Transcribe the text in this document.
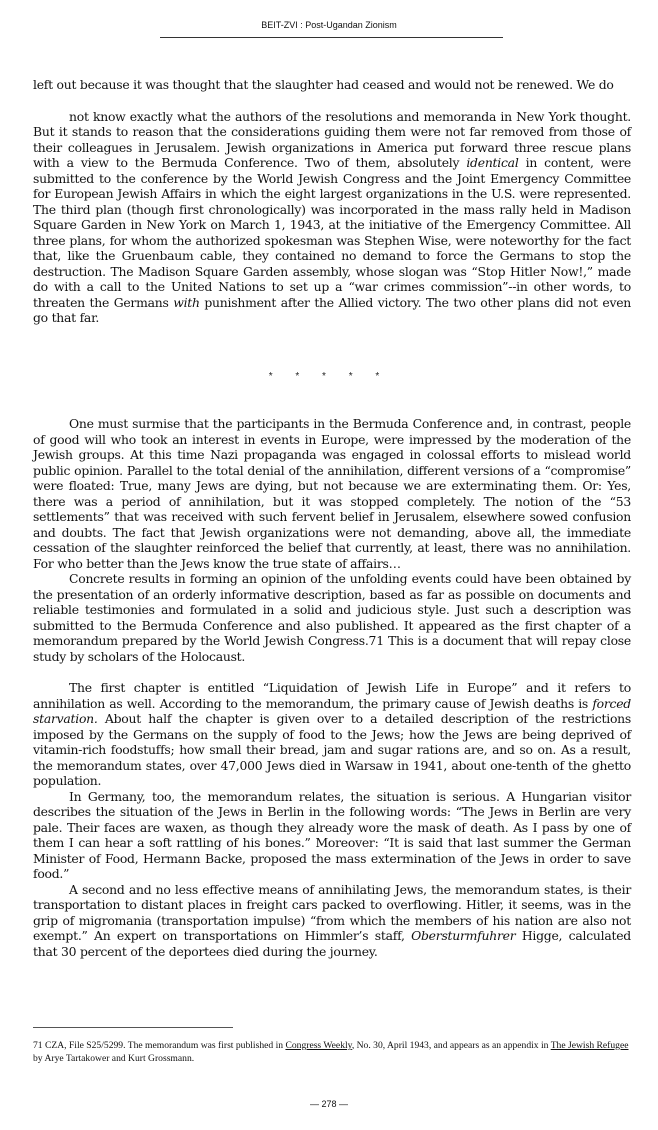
BEIT-ZVI : Post-Ugandan Zionism

left out because it was thought that the slaughter had ceased and would not be renewed. We do

not know exactly what the authors of the resolutions and memoranda in New York thought. But it stands to reason that the considerations guiding them were not far removed from those of their colleagues in Jerusalem. Jewish organizations in America put forward three rescue plans with a view to the Bermuda Conference. Two of them, absolutely identical in content, were submitted to the conference by the World Jewish Congress and the Joint Emergency Committee for European Jewish Affairs in which the eight largest organizations in the U.S. were represented. The third plan (though first chronologically) was incorporated in the mass rally held in Madison Square Garden in New York on March 1, 1943, at the initiative of the Emergency Committee. All three plans, for whom the authorized spokesman was Stephen Wise, were noteworthy for the fact that, like the Gruenbaum cable, they contained no demand to force the Germans to stop the destruction. The Madison Square Garden assembly, whose slogan was “Stop Hitler Now!,” made do with a call to the United Nations to set up a “war crimes commission”--in other words, to threaten the Germans with punishment after the Allied victory. The two other plans did not even go that far.

* * * * *

One must surmise that the participants in the Bermuda Conference and, in contrast, people of good will who took an interest in events in Europe, were impressed by the moderation of the Jewish groups. At this time Nazi propaganda was engaged in colossal efforts to mislead world public opinion. Parallel to the total denial of the annihilation, different versions of a “compromise” were floated: True, many Jews are dying, but not because we are exterminating them. Or: Yes, there was a period of annihilation, but it was stopped completely. The notion of the “53 settlements” that was received with such fervent belief in Jerusalem, elsewhere sowed confusion and doubts. The fact that Jewish organizations were not demanding, above all, the immediate cessation of the slaughter reinforced the belief that currently, at least, there was no annihilation. For who better than the Jews know the true state of affairs…

Concrete results in forming an opinion of the unfolding events could have been obtained by the presentation of an orderly informative description, based as far as possible on documents and reliable testimonies and formulated in a solid and judicious style. Just such a description was submitted to the Bermuda Conference and also published. It appeared as the first chapter of a memorandum prepared by the World Jewish Congress.71 This is a document that will repay close study by scholars of the Holocaust.

The first chapter is entitled “Liquidation of Jewish Life in Europe” and it refers to annihilation as well. According to the memorandum, the primary cause of Jewish deaths is forced starvation. About half the chapter is given over to a detailed description of the restrictions imposed by the Germans on the supply of food to the Jews; how the Jews are being deprived of vitamin-rich foodstuffs; how small their bread, jam and sugar rations are, and so on. As a result, the memorandum states, over 47,000 Jews died in Warsaw in 1941, about one-tenth of the ghetto population.

In Germany, too, the memorandum relates, the situation is serious. A Hungarian visitor describes the situation of the Jews in Berlin in the following words: “The Jews in Berlin are very pale. Their faces are waxen, as though they already wore the mask of death. As I pass by one of them I can hear a soft rattling of his bones.” Moreover: “It is said that last summer the German Minister of Food, Hermann Backe, proposed the mass extermination of the Jews in order to save food.”

A second and no less effective means of annihilating Jews, the memorandum states, is their transportation to distant places in freight cars packed to overflowing. Hitler, it seems, was in the grip of migromania (transportation impulse) “from which the members of his nation are also not exempt.” An expert on transportations on Himmler’s staff, Obersturmfuhrer Higge, calculated that 30 percent of the deportees died during the journey.

71 CZA, File S25/5299. The memorandum was first published in Congress Weekly, No. 30, April 1943, and appears as an appendix in The Jewish Refugee by Arye Tartakower and Kurt Grossmann.
— 278 —
